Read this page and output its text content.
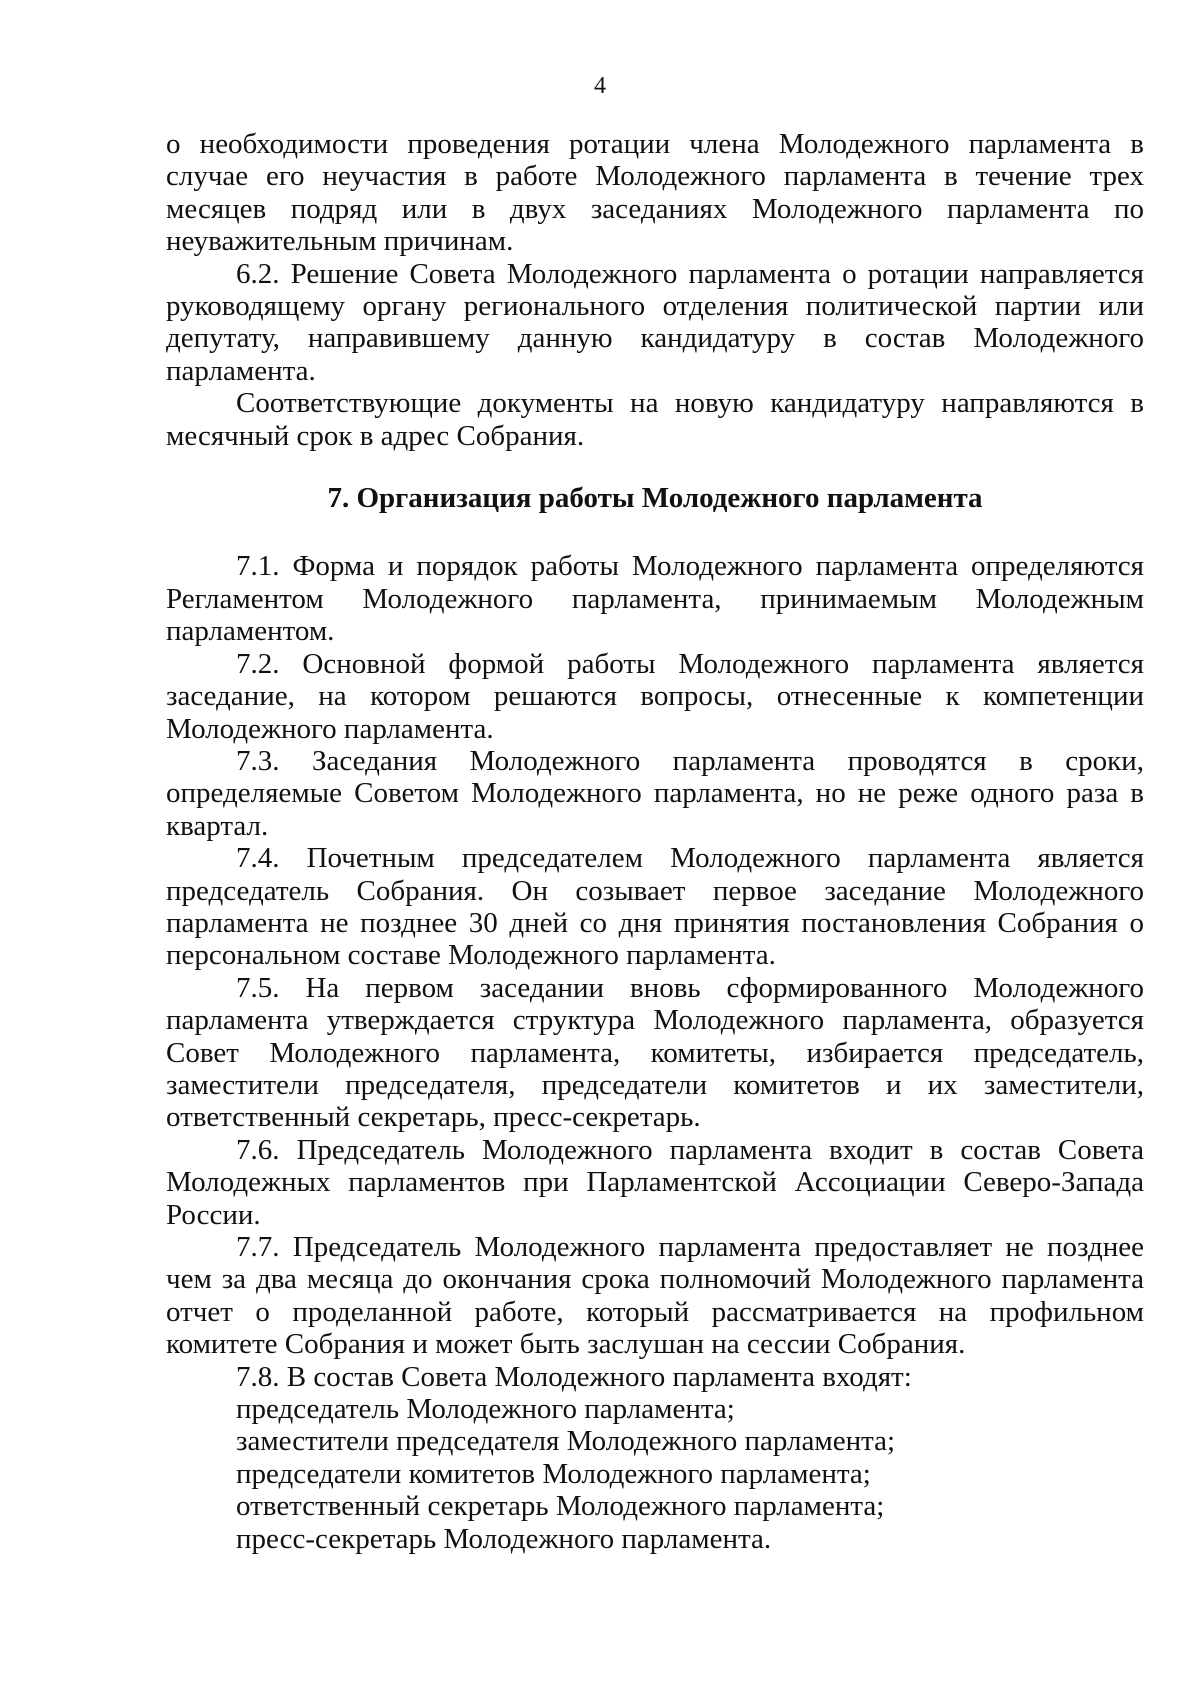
4

о необходимости проведения ротации члена Молодежного парламента в случае его неучастия в работе Молодежного парламента в течение трех месяцев подряд или в двух заседаниях Молодежного парламента по неуважительным причинам.

6.2. Решение Совета Молодежного парламента о ротации направляется руководящему органу регионального отделения политической партии или депутату, направившему данную кандидатуру в состав Молодежного парламента.

Соответствующие документы на новую кандидатуру направляются в месячный срок в адрес Собрания.

7. Организация работы Молодежного парламента

7.1. Форма и порядок работы Молодежного парламента определяются Регламентом Молодежного парламента, принимаемым Молодежным парламентом.

7.2. Основной формой работы Молодежного парламента является заседание, на котором решаются вопросы, отнесенные к компетенции Молодежного парламента.

7.3. Заседания Молодежного парламента проводятся в сроки, определяемые Советом Молодежного парламента, но не реже одного раза в квартал.

7.4. Почетным председателем Молодежного парламента является председатель Собрания. Он созывает первое заседание Молодежного парламента не позднее 30 дней со дня принятия постановления Собрания о персональном составе Молодежного парламента.

7.5. На первом заседании вновь сформированного Молодежного парламента утверждается структура Молодежного парламента, образуется Совет Молодежного парламента, комитеты, избирается председатель, заместители председателя, председатели комитетов и их заместители, ответственный секретарь, пресс-секретарь.

7.6. Председатель Молодежного парламента входит в состав Совета Молодежных парламентов при Парламентской Ассоциации Северо-Запада России.

7.7. Председатель Молодежного парламента предоставляет не позднее чем за два месяца до окончания срока полномочий Молодежного парламента отчет о проделанной работе, который рассматривается на профильном комитете Собрания и может быть заслушан на сессии Собрания.

7.8. В состав Совета Молодежного парламента входят:

председатель Молодежного парламента;
заместители председателя Молодежного парламента;
председатели комитетов Молодежного парламента;
ответственный секретарь Молодежного парламента;
пресс-секретарь Молодежного парламента.
